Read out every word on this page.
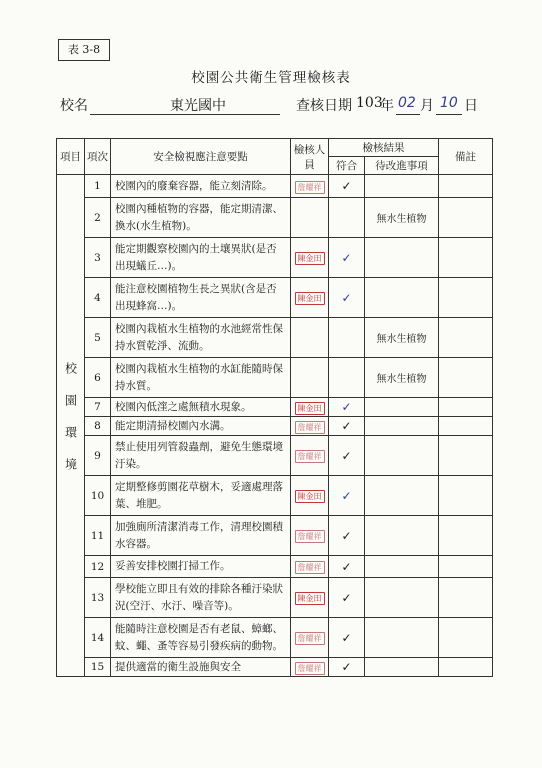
表 3-8
校園公共衛生管理檢核表
校名	東光國中	查核日期 103
年 02 月 10 日
項目	項次	安全檢視應注意要點	檢核人員	檢核結果		備註
				符合	待改進事項	

校園環境	1	校園內的廢棄容器，能立刻清除。	詹耀祥	✓		
	2	校園內種植物的容器，能定期清潔、換水(水生植物)。			無水生植物	
	3	能定期觀察校園內的土壤異狀(是否出現蟻丘…)。	陳金田	✓		
	4	能注意校園植物生長之異狀(含是否出現蜂窩…)。	陳金田	✓		
	5	校園內栽植水生植物的水池經常性保持水質乾淨、流動。			無水生植物	
	6	校園內栽植水生植物的水缸能隨時保持水質。			無水生植物	
	7	校園內低漥之處無積水現象。	陳金田	✓		
	8	能定期清掃校園內水溝。	詹耀祥	✓		
	9	禁止使用列管殺蟲劑，避免生態環境汙染。	詹耀祥	✓		
	10	定期整修剪園花草樹木，妥適處理落葉、堆肥。	陳金田	✓		
	11	加強廁所清潔消毒工作，清理校園積水容器。	詹耀祥	✓		
	12	妥善安排校園打掃工作。	詹耀祥	✓		
	13	學校能立即且有效的排除各種汙染狀況(空汙、水汙、噪音等)。	陳金田	✓		
	14	能隨時注意校園是否有老鼠、蟑螂、蚊、蠅、蚤等容易引發疾病的動物。	詹耀祥	✓		
	15	提供適當的衛生設施與安全	詹耀祥	✓		
